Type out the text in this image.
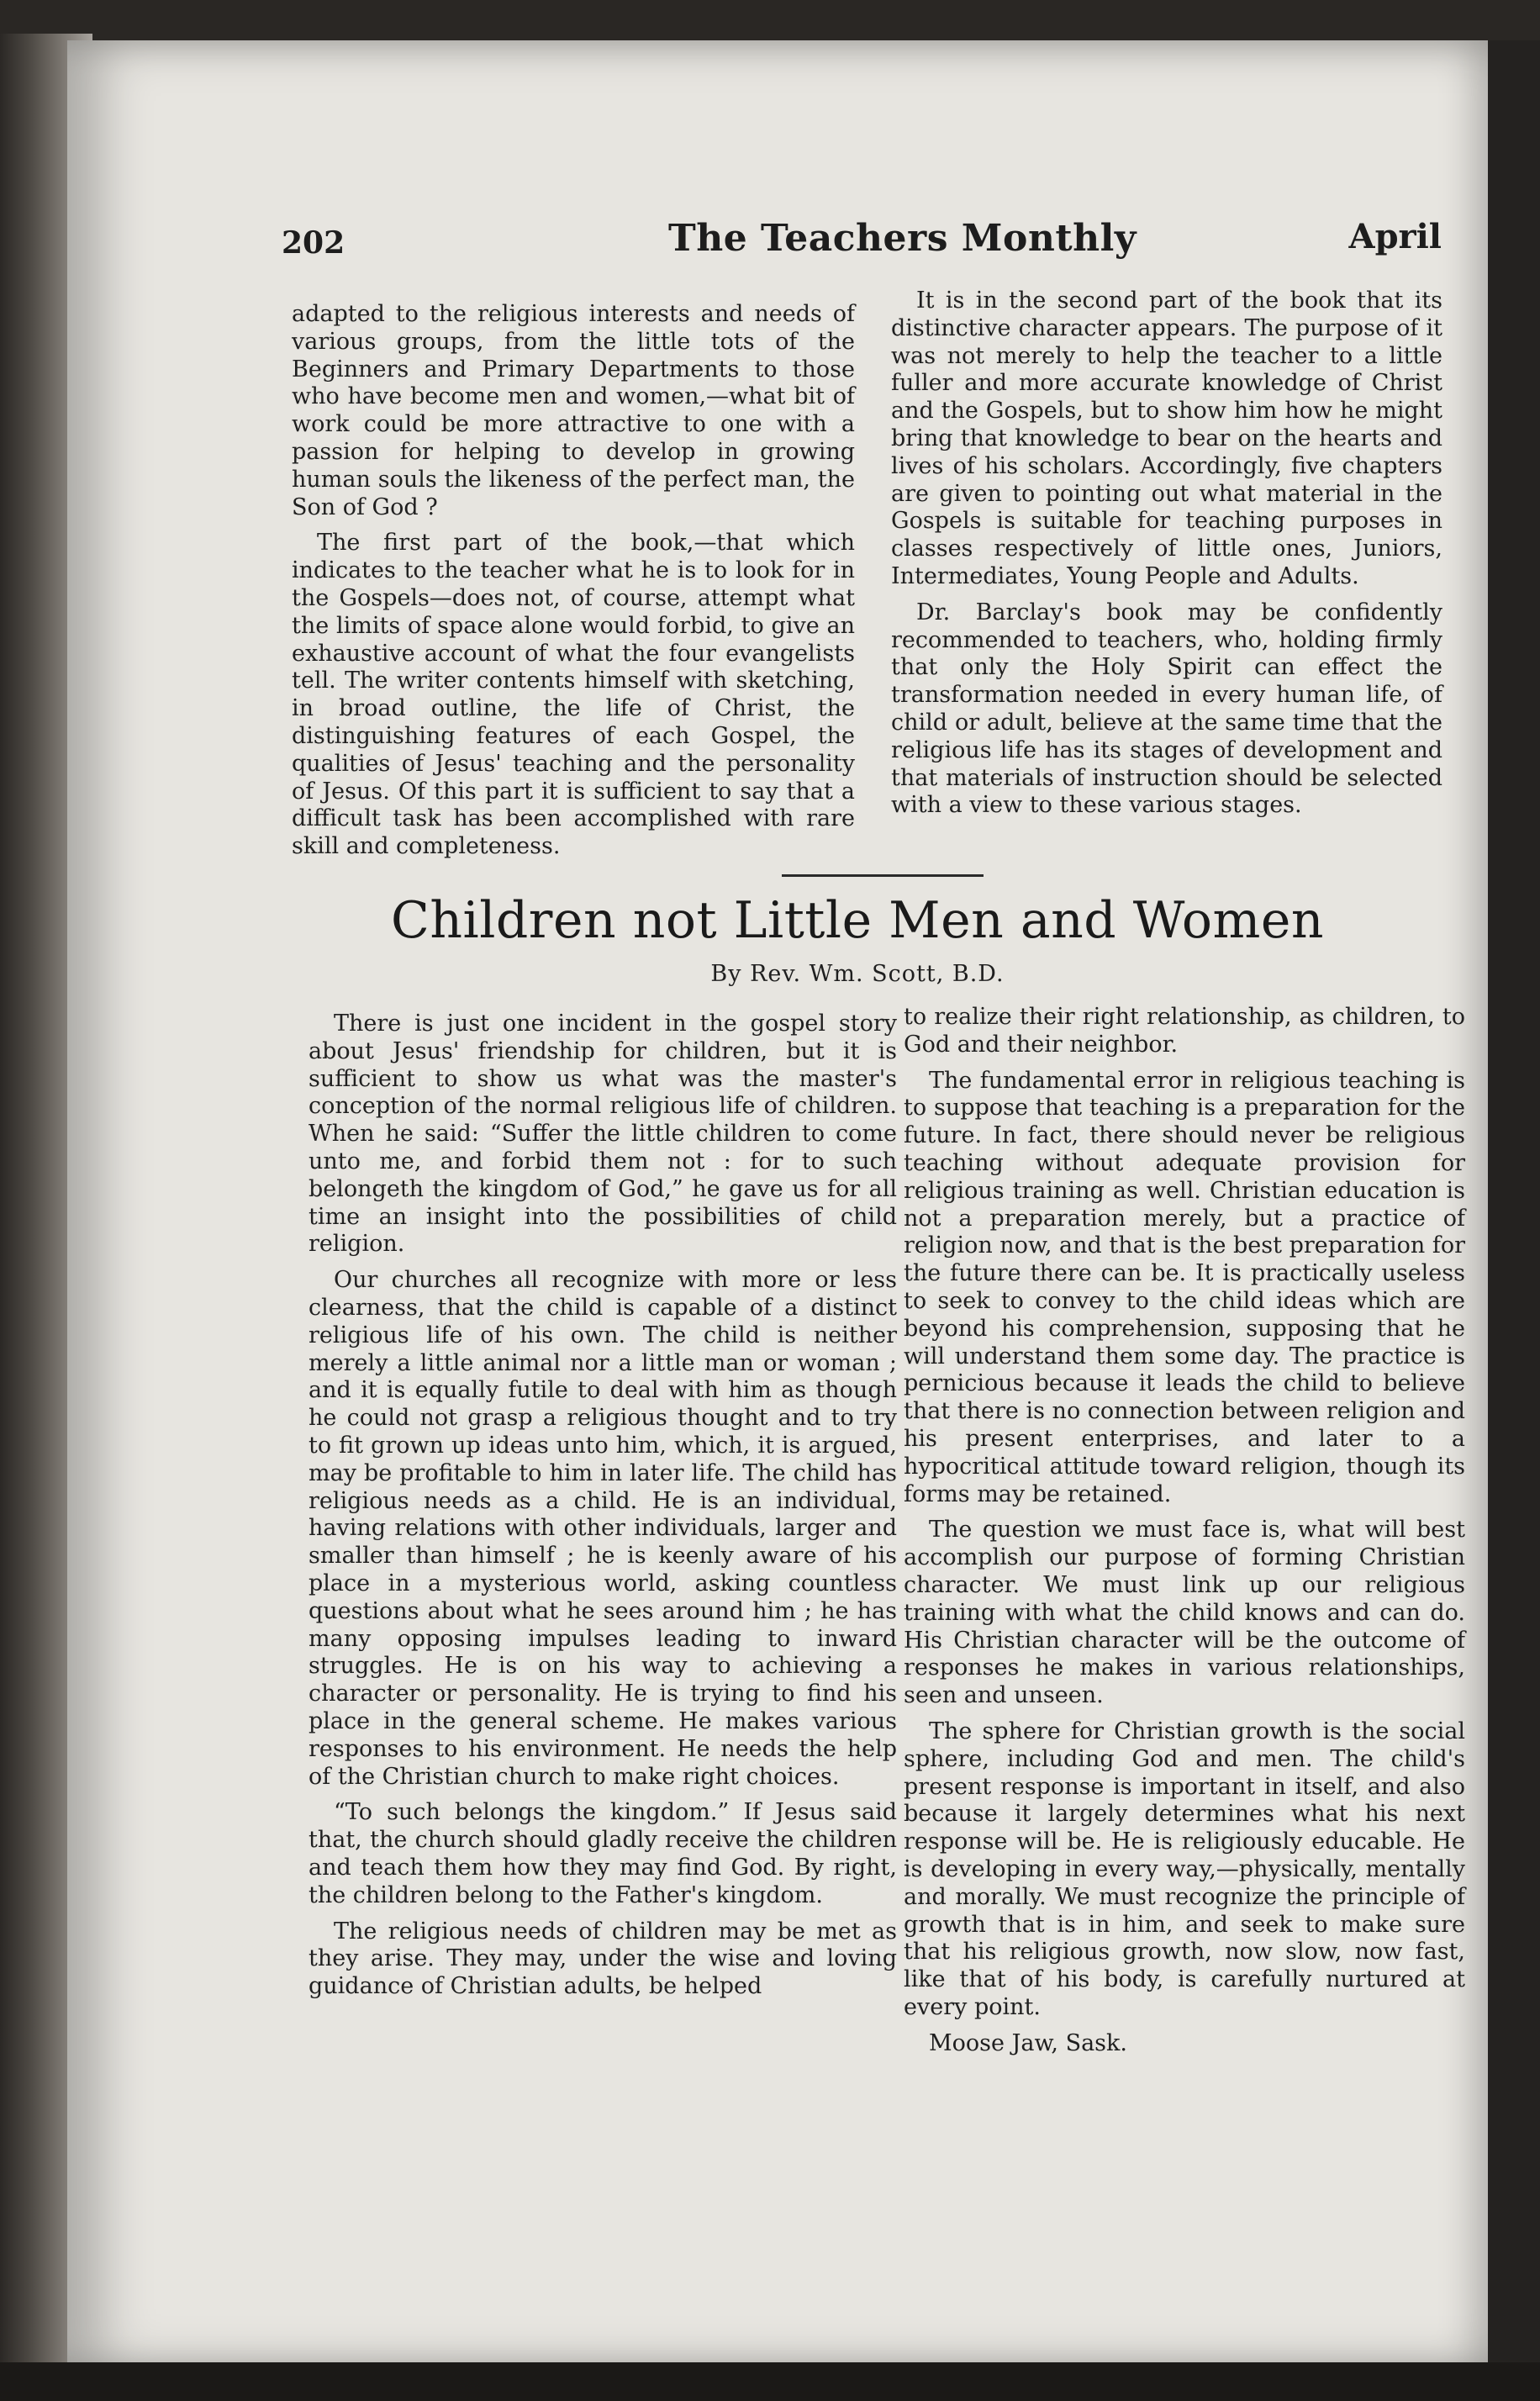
202	The Teachers Monthly	April

adapted to the religious interests and needs of various groups, from the little tots of the Beginners and Primary Departments to those who have become men and women,—what bit of work could be more attractive to one with a passion for helping to develop in growing human souls the likeness of the perfect man, the Son of God ?

The first part of the book,—that which indicates to the teacher what he is to look for in the Gospels—does not, of course, attempt what the limits of space alone would forbid, to give an exhaustive account of what the four evangelists tell. The writer contents himself with sketching, in broad outline, the life of Christ, the distinguishing features of each Gospel, the qualities of Jesus' teaching and the personality of Jesus. Of this part it is sufficient to say that a difficult task has been accomplished with rare skill and completeness.

It is in the second part of the book that its distinctive character appears. The purpose of it was not merely to help the teacher to a little fuller and more accurate knowledge of Christ and the Gospels, but to show him how he might bring that knowledge to bear on the hearts and lives of his scholars. Accordingly, five chapters are given to pointing out what material in the Gospels is suitable for teaching purposes in classes respectively of little ones, Juniors, Intermediates, Young People and Adults.

Dr. Barclay's book may be confidently recommended to teachers, who, holding firmly that only the Holy Spirit can effect the transformation needed in every human life, of child or adult, believe at the same time that the religious life has its stages of development and that materials of instruction should be selected with a view to these various stages.

Children not Little Men and Women
By Rev. Wm. Scott, B.D.

There is just one incident in the gospel story about Jesus' friendship for children, but it is sufficient to show us what was the master's conception of the normal religious life of children. When he said: “Suffer the little children to come unto me, and forbid them not : for to such belongeth the kingdom of God,” he gave us for all time an insight into the possibilities of child religion.

Our churches all recognize with more or less clearness, that the child is capable of a distinct religious life of his own. The child is neither merely a little animal nor a little man or woman ; and it is equally futile to deal with him as though he could not grasp a religious thought and to try to fit grown up ideas unto him, which, it is argued, may be profitable to him in later life. The child has religious needs as a child. He is an individual, having relations with other individuals, larger and smaller than himself ; he is keenly aware of his place in a mysterious world, asking countless questions about what he sees around him ; he has many opposing impulses leading to inward struggles. He is on his way to achieving a character or personality. He is trying to find his place in the general scheme. He makes various responses to his environment. He needs the help of the Christian church to make right choices.

“To such belongs the kingdom.” If Jesus said that, the church should gladly receive the children and teach them how they may find God. By right, the children belong to the Father's kingdom.

The religious needs of children may be met as they arise. They may, under the wise and loving guidance of Christian adults, be helped

to realize their right relationship, as children, to God and their neighbor.

The fundamental error in religious teaching is to suppose that teaching is a preparation for the future. In fact, there should never be religious teaching without adequate provision for religious training as well. Christian education is not a preparation merely, but a practice of religion now, and that is the best preparation for the future there can be. It is practically useless to seek to convey to the child ideas which are beyond his comprehension, supposing that he will understand them some day. The practice is pernicious because it leads the child to believe that there is no connection between religion and his present enterprises, and later to a hypocritical attitude toward religion, though its forms may be retained.

The question we must face is, what will best accomplish our purpose of forming Christian character. We must link up our religious training with what the child knows and can do. His Christian character will be the outcome of responses he makes in various relationships, seen and unseen.

The sphere for Christian growth is the social sphere, including God and men. The child's present response is important in itself, and also because it largely determines what his next response will be. He is religiously educable. He is developing in every way,—physically, mentally and morally. We must recognize the principle of growth that is in him, and seek to make sure that his religious growth, now slow, now fast, like that of his body, is carefully nurtured at every point.

Moose Jaw, Sask.
